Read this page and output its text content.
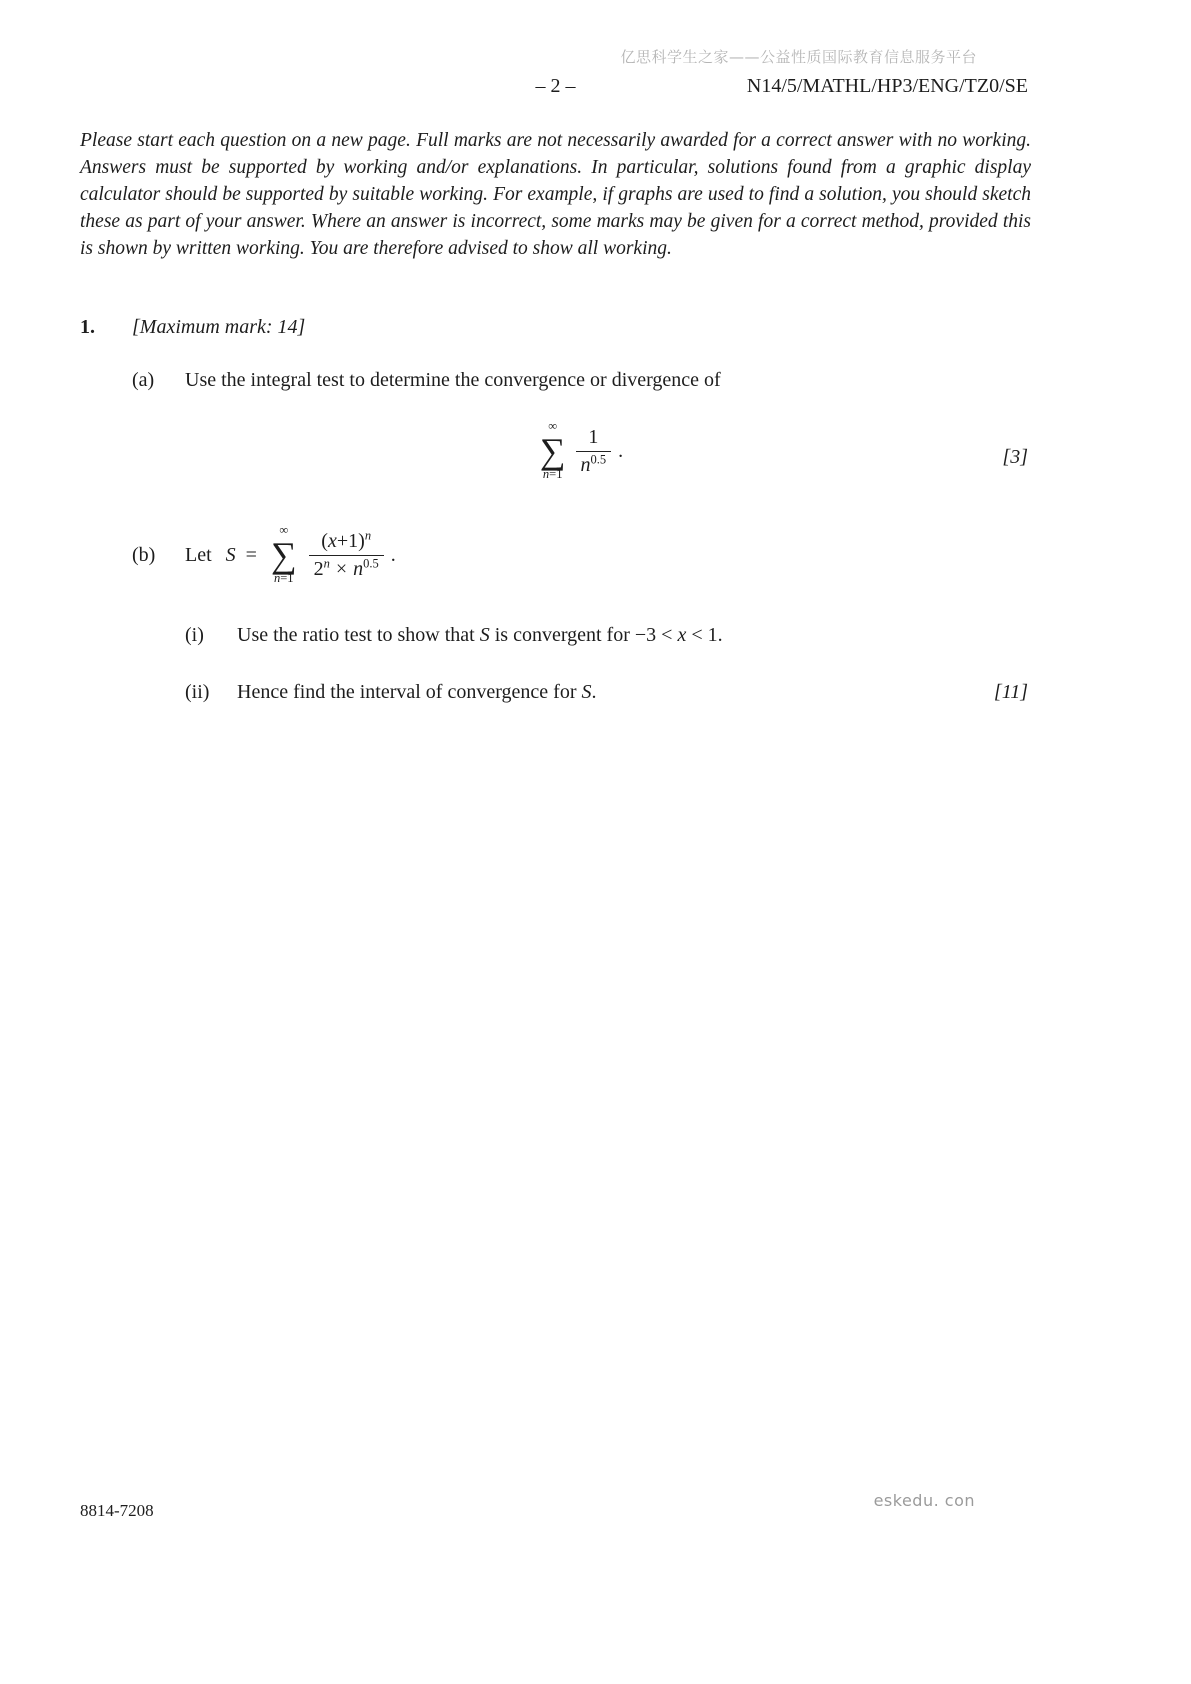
亿思科学生之家——公益性质国际教育信息服务平台
– 2 –	N14/5/MATHL/HP3/ENG/TZ0/SE

Please start each question on a new page. Full marks are not necessarily awarded for a correct answer with no working. Answers must be supported by working and/or explanations. In particular, solutions found from a graphic display calculator should be supported by suitable working. For example, if graphs are used to find a solution, you should sketch these as part of your answer. Where an answer is incorrect, some marks may be given for a correct method, provided this is shown by written working. You are therefore advised to show all working.

1. [Maximum mark: 14]
(a) Use the integral test to determine the convergence or divergence of
∞
∑
$n=1 \frac{1}{n^{0.5}}$ .	[3]
(b)	Let S =
∞
∑
$n=1 \frac{(x+1)^n}{2^n \times n^{0.5}}$ .
(i) Use the ratio test to show that S is convergent for −3 < x < 1.
(ii) Hence find the interval of convergence for S.	[11]
8814-7208
eskedu. con
